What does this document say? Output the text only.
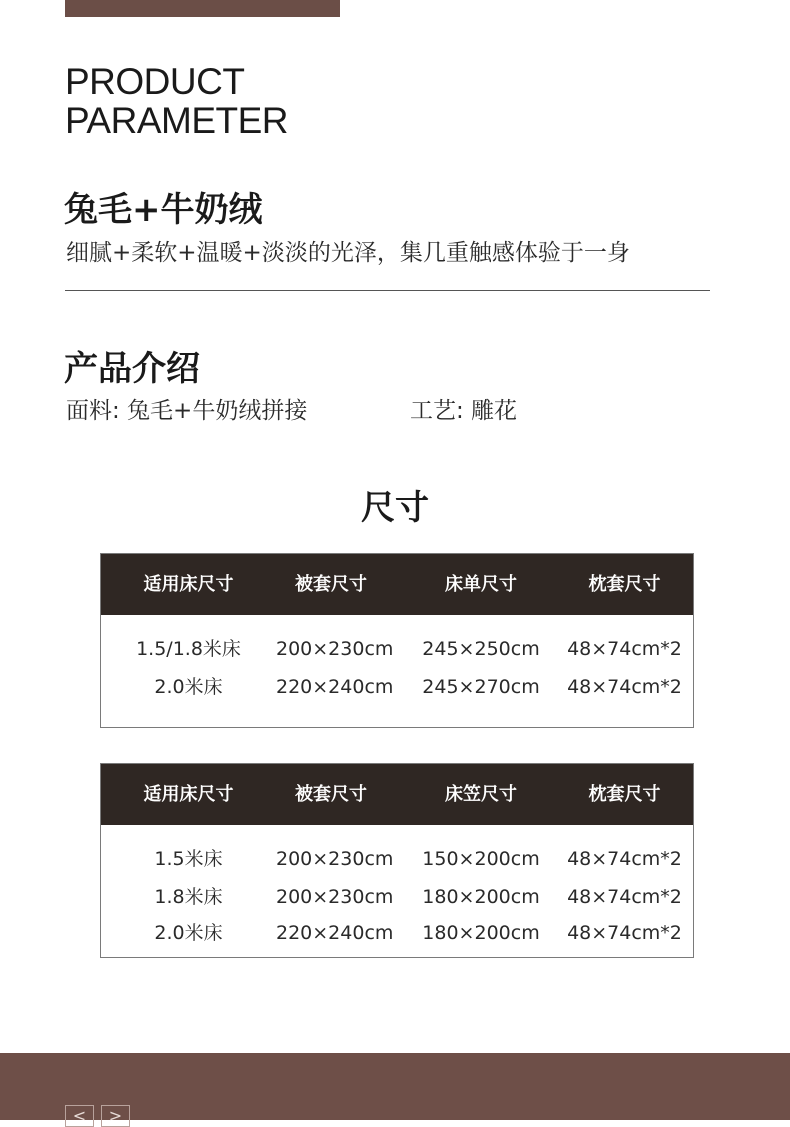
PRODUCT
PARAMETER
兔毛+牛奶绒
细腻+柔软+温暖+淡淡的光泽，集几重触感体验于一身
产品介绍
面料: 兔毛+牛奶绒拼接	工艺: 雕花
尺寸
适用床尺寸	被套尺寸	床单尺寸	枕套尺寸
1.5/1.8米床	200×230cm	245×250cm	48×74cm*2
2.0米床	220×240cm	245×270cm	48×74cm*2
适用床尺寸	被套尺寸	床笠尺寸	枕套尺寸
1.5米床	200×230cm	150×200cm	48×74cm*2
1.8米床	200×230cm	180×200cm	48×74cm*2
2.0米床	220×240cm	180×200cm	48×74cm*2
<	>
